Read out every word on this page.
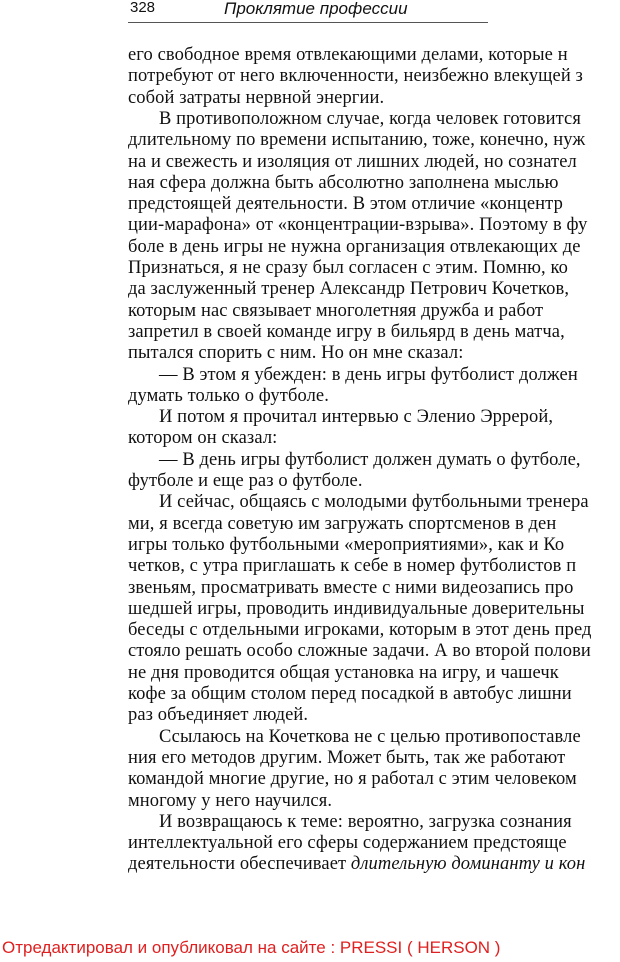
328	Проклятие профессии
его свободное время отвлекающими делами, которые н
потребуют от него включенности, неизбежно влекущей з
собой затраты нервной энергии.
В противоположном случае, когда человек готовится
длительному по времени испытанию, тоже, конечно, нуж
на и свежесть и изоляция от лишних людей, но сознател
ная сфера должна быть абсолютно заполнена мыслью
предстоящей деятельности. В этом отличие «концентр
ции-марафона» от «концентрации-взрыва». Поэтому в фу
боле в день игры не нужна организация отвлекающих де
Признаться, я не сразу был согласен с этим. Помню, ко
да заслуженный тренер Александр Петрович Кочетков,
которым нас связывает многолетняя дружба и работ
запретил в своей команде игру в бильярд в день матча,
пытался спорить с ним. Но он мне сказал:
— В этом я убежден: в день игры футболист должен
думать только о футболе.
И потом я прочитал интервью с Эленио Эррерой,
котором он сказал:
— В день игры футболист должен думать о футболе,
футболе и еще раз о футболе.
И сейчас, общаясь с молодыми футбольными тренера
ми, я всегда советую им загружать спортсменов в ден
игры только футбольными «мероприятиями», как и Ко
четков, с утра приглашать к себе в номер футболистов п
звеньям, просматривать вместе с ними видеозапись про
шедшей игры, проводить индивидуальные доверительны
беседы с отдельными игроками, которым в этот день пред
стояло решать особо сложные задачи. А во второй полови
не дня проводится общая установка на игру, и чашечк
кофе за общим столом перед посадкой в автобус лишни
раз объединяет людей.
Ссылаюсь на Кочеткова не с целью противопоставле
ния его методов другим. Может быть, так же работают
командой многие другие, но я работал с этим человеком
многому у него научился.
И возвращаюсь к теме: вероятно, загрузка сознания
интеллектуальной его сферы содержанием предстояще
деятельности обеспечивает длительную доминанту и кон
Отредактировал и опубликовал на сайте : PRESSI ( HERSON )
